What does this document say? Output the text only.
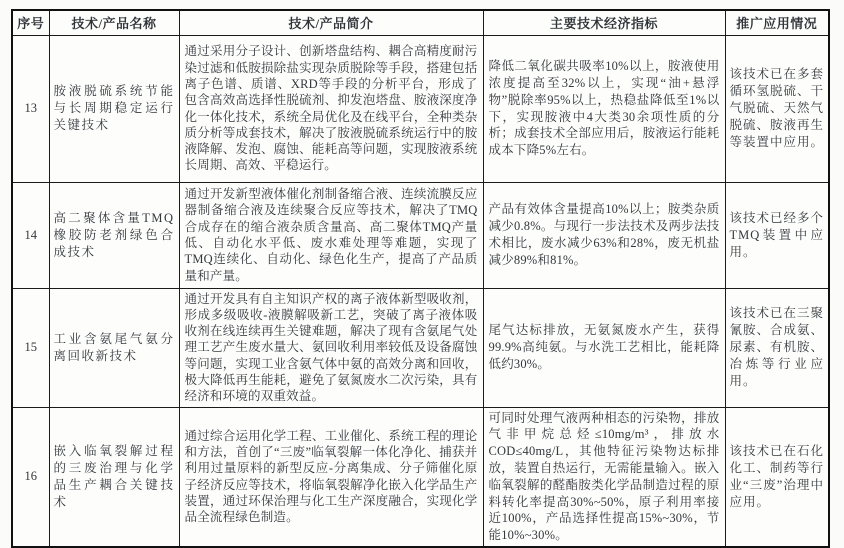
序号	技术/产品名称	技术/产品简介	主要技术经济指标	推广应用情况
13	胺液脱硫系统节能与长周期稳定运行关键技术	通过采用分子设计、创新塔盘结构、耦合高精度耐污染过滤和低胺损除盐实现杂质脱除等手段，搭建包括离子色谱、质谱、XRD等手段的分析平台，形成了包含高效高选择性脱硫剂、抑发泡塔盘、胺液深度净化一体化技术，系统全局优化及在线平台，全种类杂质分析等成套技术，解决了胺液脱硫系统运行中的胺液降解、发泡、腐蚀、能耗高等问题，实现胺液系统长周期、高效、平稳运行。	降低二氧化碳共吸率10%以上，胺液使用浓度提高至32%以上，实现“油+悬浮物”脱除率95%以上，热稳盐降低至1%以下，实现胺液中4大类30余项性质的分析；成套技术全部应用后，胺液运行能耗成本下降5%左右。	该技术已在多套循环氢脱硫、干气脱硫、天然气脱硫、胺液再生等装置中应用。
14	高二聚体含量TMQ橡胶防老剂绿色合成技术	通过开发新型液体催化剂制备缩合液、连续流膜反应器制备缩合液及连续聚合反应等技术，解决了TMQ合成存在的缩合液杂质含量高、高二聚体TMQ产量低、自动化水平低、废水难处理等难题，实现了TMQ连续化、自动化、绿色化生产，提高了产品质量和产量。	产品有效体含量提高10%以上；胺类杂质减少0.8%。与现行一步法技术及两步法技术相比，废水减少63%和28%，废无机盐减少89%和81%。	该技术已经多个TMQ装置中应用。
15	工业含氨尾气氨分离回收新技术	通过开发具有自主知识产权的离子液体新型吸收剂，形成多级吸收-液膜解吸新工艺，突破了离子液体吸收剂在线连续再生关键难题，解决了现有含氨尾气处理工艺产生废水量大、氨回收利用率较低及设备腐蚀等问题，实现工业含氨气体中氨的高效分离和回收，极大降低再生能耗，避免了氨氮废水二次污染，具有经济和环境的双重效益。	尾气达标排放，无氨氮废水产生，获得99.9%高纯氨。与水洗工艺相比，能耗降低约30%。	该技术已在三聚氰胺、合成氨、尿素、有机胺、冶炼等行业应用。
16	嵌入临氧裂解过程的三废治理与化学品生产耦合关键技术	通过综合运用化学工程、工业催化、系统工程的理论和方法，首创了“三废”临氧裂解一体化净化、捕获并利用过量原料的新型反应-分离集成、分子筛催化原子经济反应等技术，将临氧裂解净化嵌入化学品生产装置，通过环保治理与化工生产深度融合，实现化学品全流程绿色制造。	可同时处理气液两种相态的污染物，排放气非甲烷总烃≤10mg/m³，排放水COD≤40mg/L，其他特征污染物达标排放，装置自热运行，无需能量输入。嵌入临氧裂解的醛酯胺类化学品制造过程的原料转化率提高30%~50%，原子利用率接近100%，产品选择性提高15%~30%，节能10%~30%。	该技术已在石化化工、制药等行业“三废”治理中应用。
